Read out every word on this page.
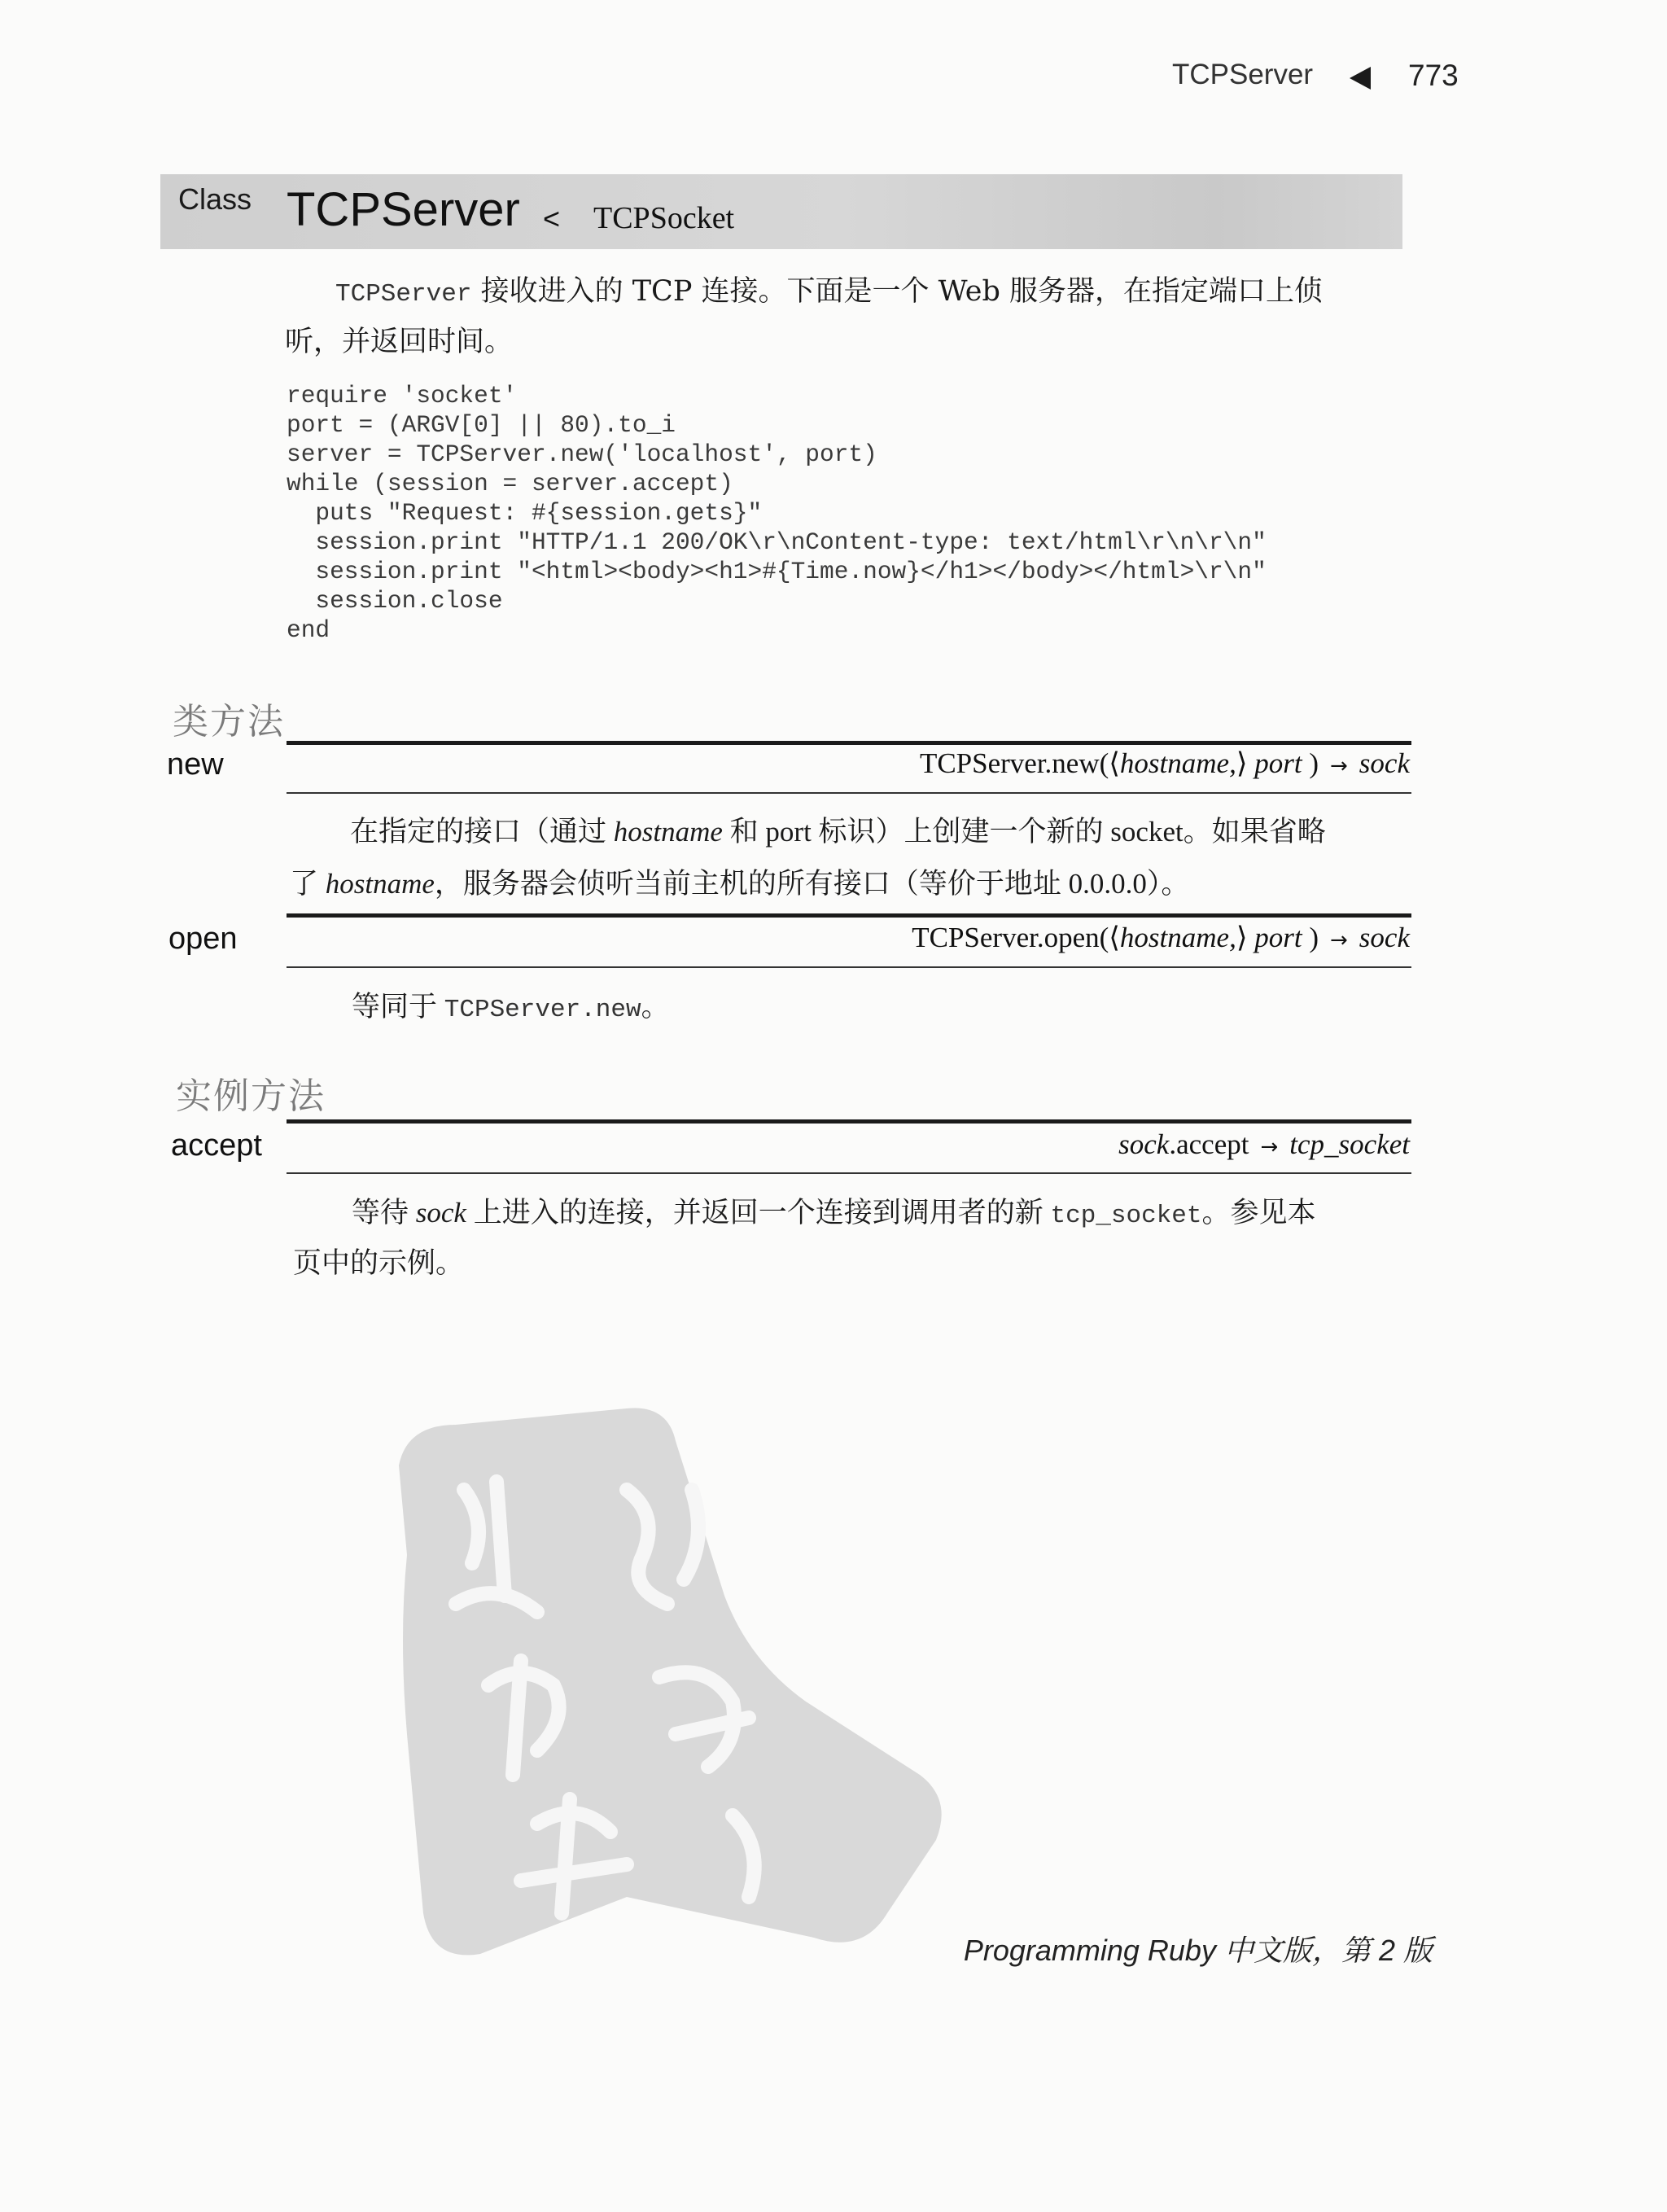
TCPServer	773
Class TCPServer < TCPSocket
TCPServer 接收进入的 TCP 连接。下面是一个 Web 服务器，在指定端口上侦
听，并返回时间。
require 'socket'
port = (ARGV[0] || 80).to_i
server = TCPServer.new('localhost', port)
while (session = server.accept)
puts "Request: #{session.gets}"
session.print "HTTP/1.1 200/OK\r\nContent-type: text/html\r\n\r\n"
session.print "<html><body><h1>#{Time.now}</h1></body></html>\r\n"
session.close
end
类方法
new	TCPServer.new(⟨hostname,⟩ port ) → sock
在指定的接口（通过 hostname 和 port 标识）上创建一个新的 socket。如果省略
了 hostname，服务器会侦听当前主机的所有接口（等价于地址 0.0.0.0）。
open	TCPServer.open(⟨hostname,⟩ port ) → sock
等同于 TCPServer.new。
实例方法
accept	sock.accept → tcp_socket
等待 sock 上进入的连接，并返回一个连接到调用者的新 tcp_socket。参见本
页中的示例。
Programming Ruby 中文版，第 2 版
